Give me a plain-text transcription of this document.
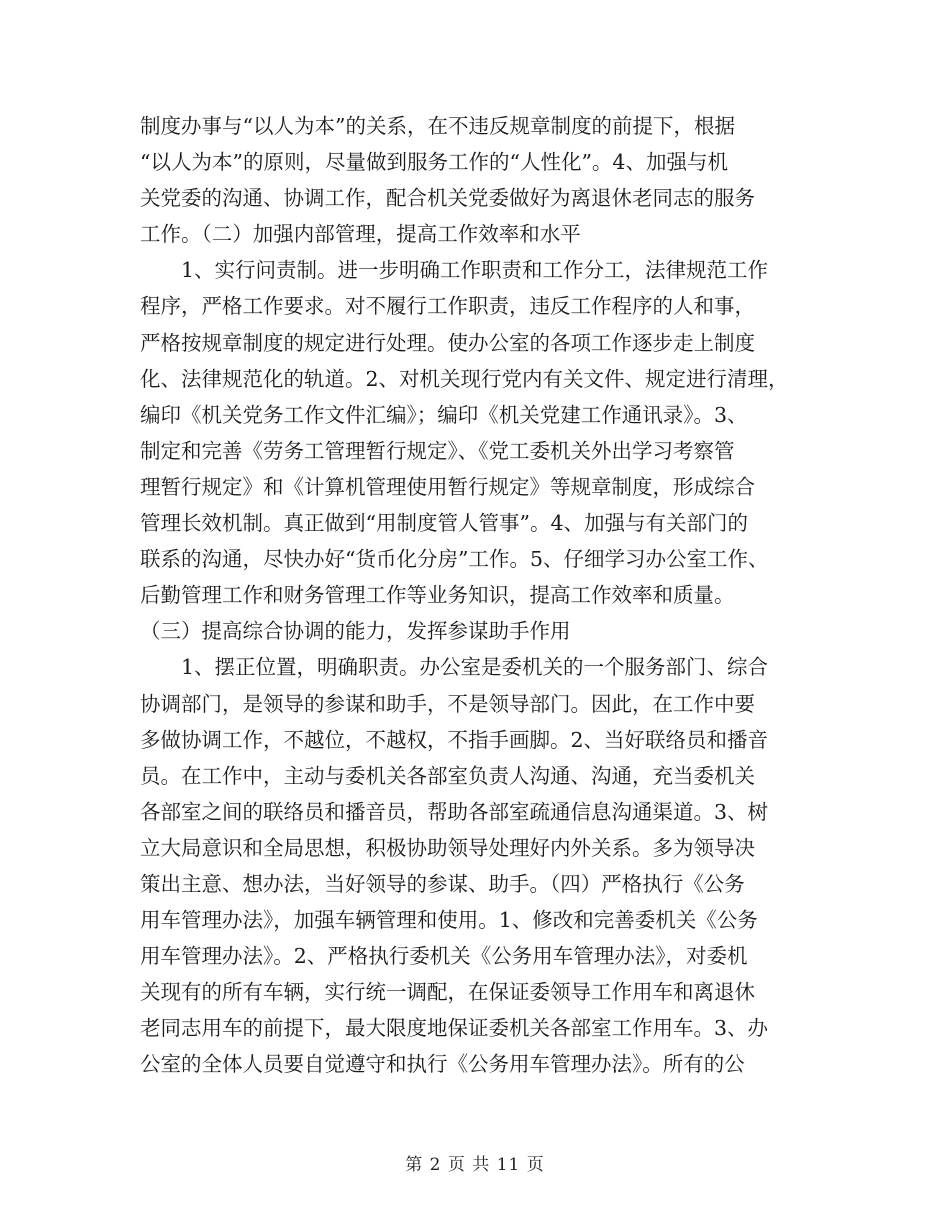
制度办事与“以人为本”的关系，在不违反规章制度的前提下，根据
“以人为本”的原则，尽量做到服务工作的“人性化”。4、加强与机
关党委的沟通、协调工作，配合机关党委做好为离退休老同志的服务
工作。（二）加强内部管理，提高工作效率和水平
　　1、实行问责制。进一步明确工作职责和工作分工，法律规范工作
程序，严格工作要求。对不履行工作职责，违反工作程序的人和事，
严格按规章制度的规定进行处理。使办公室的各项工作逐步走上制度
化、法律规范化的轨道。2、对机关现行党内有关文件、规定进行清理，
编印《机关党务工作文件汇编》；编印《机关党建工作通讯录》。3、
制定和完善《劳务工管理暂行规定》、《党工委机关外出学习考察管
理暂行规定》和《计算机管理使用暂行规定》等规章制度，形成综合
管理长效机制。真正做到“用制度管人管事”。4、加强与有关部门的
联系的沟通，尽快办好“货币化分房”工作。5、仔细学习办公室工作、
后勤管理工作和财务管理工作等业务知识，提高工作效率和质量。
（三）提高综合协调的能力，发挥参谋助手作用
　　1、摆正位置，明确职责。办公室是委机关的一个服务部门、综合
协调部门，是领导的参谋和助手，不是领导部门。因此，在工作中要
多做协调工作，不越位，不越权，不指手画脚。2、当好联络员和播音
员。在工作中，主动与委机关各部室负责人沟通、沟通，充当委机关
各部室之间的联络员和播音员，帮助各部室疏通信息沟通渠道。3、树
立大局意识和全局思想，积极协助领导处理好内外关系。多为领导决
策出主意、想办法，当好领导的参谋、助手。（四）严格执行《公务
用车管理办法》，加强车辆管理和使用。1、修改和完善委机关《公务
用车管理办法》。2、严格执行委机关《公务用车管理办法》，对委机
关现有的所有车辆，实行统一调配，在保证委领导工作用车和离退休
老同志用车的前提下，最大限度地保证委机关各部室工作用车。3、办
公室的全体人员要自觉遵守和执行《公务用车管理办法》。所有的公
第 2 页 共 11 页
